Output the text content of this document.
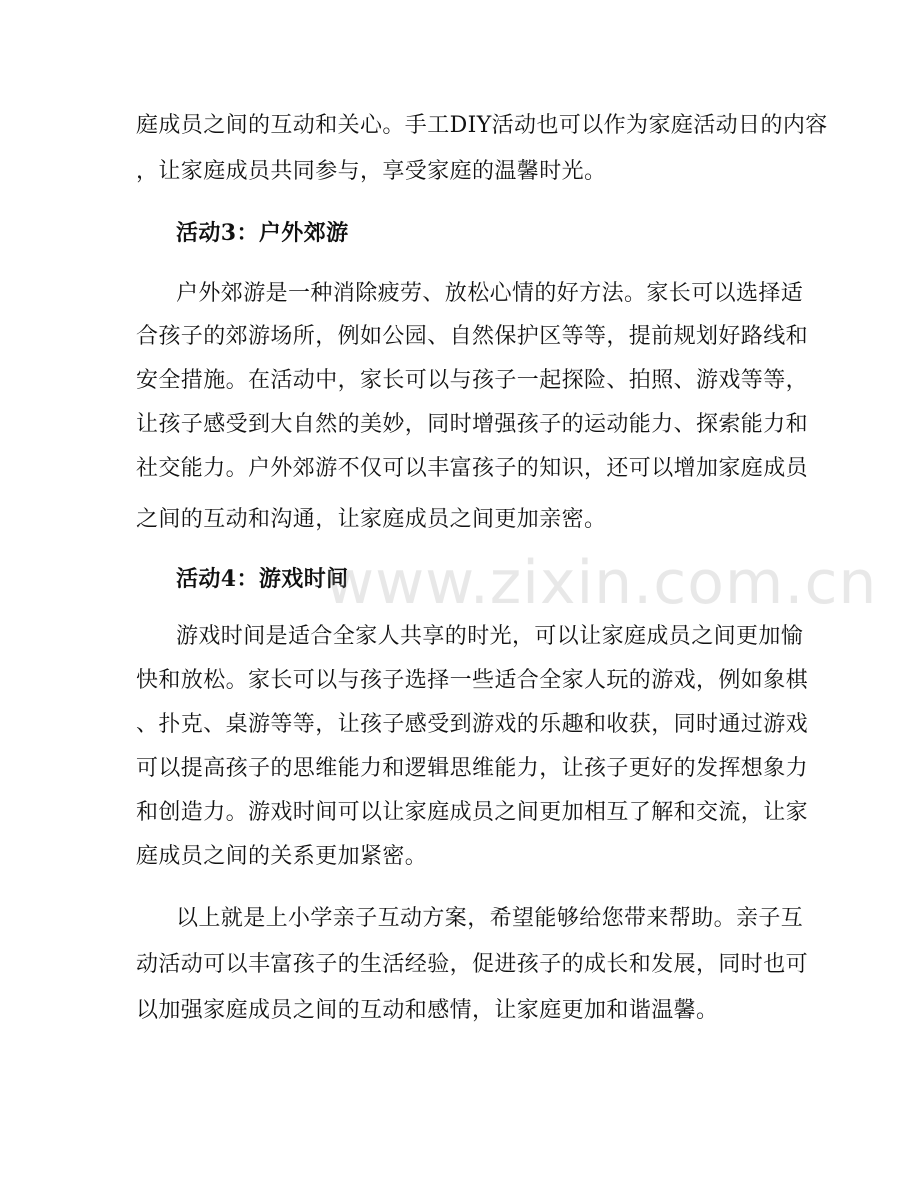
庭成员之间的互动和关心。手工DIY活动也可以作为家庭活动日的内容
，让家庭成员共同参与，享受家庭的温馨时光。
活动3：户外郊游
户外郊游是一种消除疲劳、放松心情的好方法。家长可以选择适
合孩子的郊游场所，例如公园、自然保护区等等，提前规划好路线和
安全措施。在活动中，家长可以与孩子一起探险、拍照、游戏等等，
让孩子感受到大自然的美妙，同时增强孩子的运动能力、探索能力和
社交能力。户外郊游不仅可以丰富孩子的知识，还可以增加家庭成员
之间的互动和沟通，让家庭成员之间更加亲密。
活动4：游戏时间
游戏时间是适合全家人共享的时光，可以让家庭成员之间更加愉
快和放松。家长可以与孩子选择一些适合全家人玩的游戏，例如象棋
、扑克、桌游等等，让孩子感受到游戏的乐趣和收获，同时通过游戏
可以提高孩子的思维能力和逻辑思维能力，让孩子更好的发挥想象力
和创造力。游戏时间可以让家庭成员之间更加相互了解和交流，让家
庭成员之间的关系更加紧密。
以上就是上小学亲子互动方案，希望能够给您带来帮助。亲子互
动活动可以丰富孩子的生活经验，促进孩子的成长和发展，同时也可
以加强家庭成员之间的互动和感情，让家庭更加和谐温馨。
www.zixin.com.cn
